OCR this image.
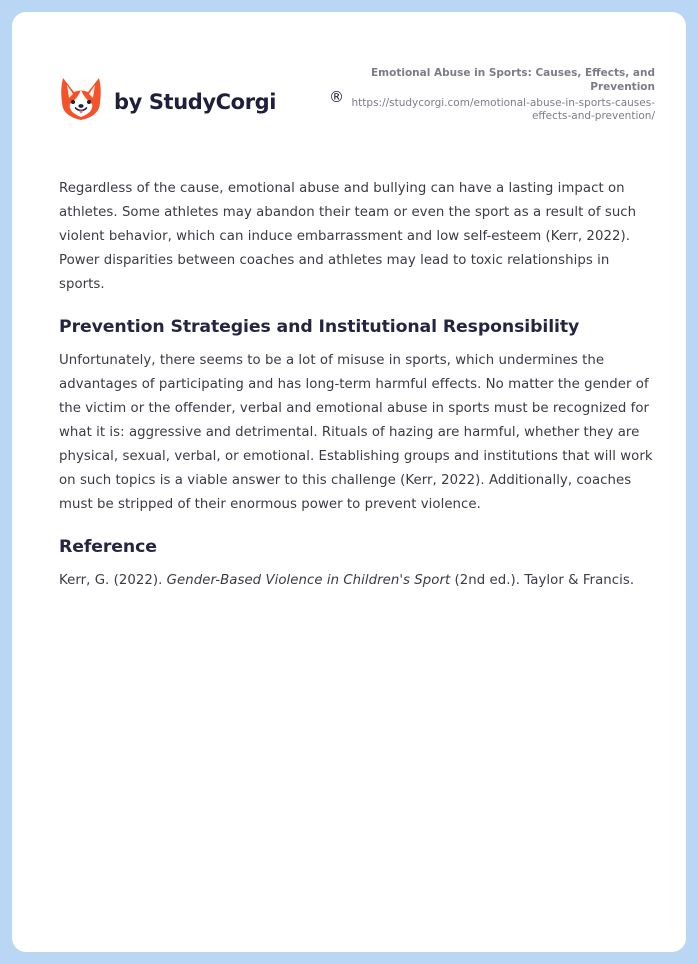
by StudyCorgi	®
Emotional Abuse in Sports: Causes, Effects, and Prevention
https://studycorgi.com/emotional-abuse-in-sports-causes-effects-and-prevention/

Regardless of the cause, emotional abuse and bullying can have a lasting impact on athletes. Some athletes may abandon their team or even the sport as a result of such violent behavior, which can induce embarrassment and low self-esteem (Kerr, 2022). Power disparities between coaches and athletes may lead to toxic relationships in sports.

Prevention Strategies and Institutional Responsibility

Unfortunately, there seems to be a lot of misuse in sports, which undermines the advantages of participating and has long-term harmful effects. No matter the gender of the victim or the offender, verbal and emotional abuse in sports must be recognized for what it is: aggressive and detrimental. Rituals of hazing are harmful, whether they are physical, sexual, verbal, or emotional. Establishing groups and institutions that will work on such topics is a viable answer to this challenge (Kerr, 2022). Additionally, coaches must be stripped of their enormous power to prevent violence.

Reference

Kerr, G. (2022). Gender-Based Violence in Children's Sport (2nd ed.). Taylor & Francis.
